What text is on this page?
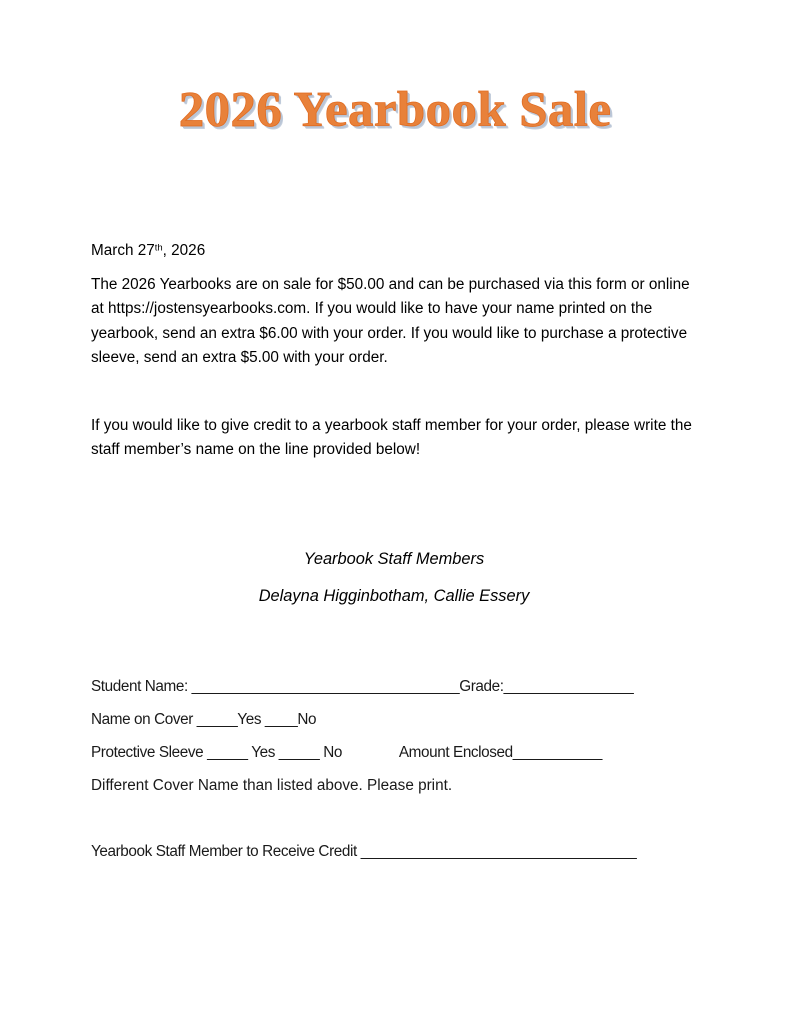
2026 Yearbook Sale
March 27th, 2026
The 2026 Yearbooks are on sale for $50.00 and can be purchased via this form or online at https://jostensyearbooks.com. If you would like to have your name printed on the yearbook, send an extra $6.00 with your order. If you would like to purchase a protective sleeve, send an extra $5.00 with your order.
If you would like to give credit to a yearbook staff member for your order, please write the staff member’s name on the line provided below!
Yearbook Staff Members
Delayna Higginbotham, Callie Essery
Student Name: _________________________________Grade:________________
Name on Cover _____Yes ____No
Protective Sleeve _____ Yes _____ No               Amount Enclosed___________
Different Cover Name than listed above. Please print.
Yearbook Staff Member to Receive Credit __________________________________
